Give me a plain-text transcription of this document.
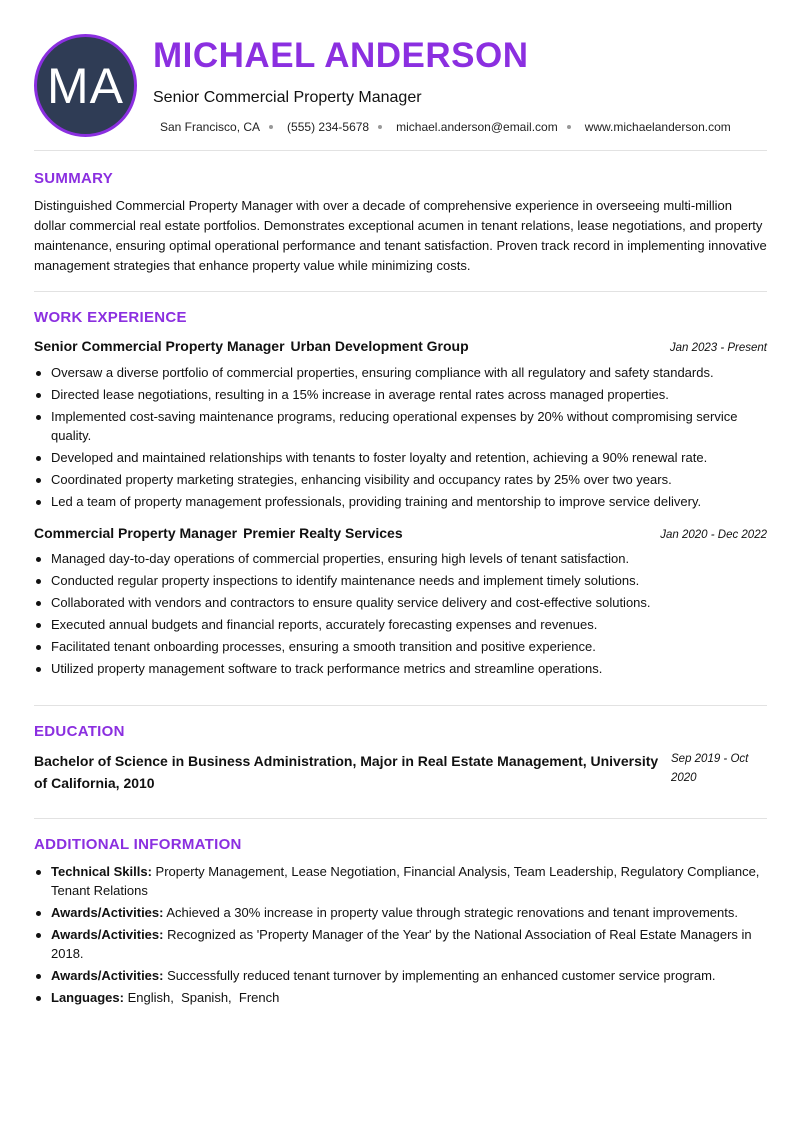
MA
MICHAEL ANDERSON
Senior Commercial Property Manager
San Francisco, CA (555) 234-5678 michael.anderson@email.com www.michaelanderson.com
SUMMARY
Distinguished Commercial Property Manager with over a decade of comprehensive experience in overseeing multi-million dollar commercial real estate portfolios. Demonstrates exceptional acumen in tenant relations, lease negotiations, and property maintenance, ensuring optimal operational performance and tenant satisfaction. Proven track record in implementing innovative management strategies that enhance property value while minimizing costs.
WORK EXPERIENCE
Senior Commercial Property Manager Urban Development Group	Jan 2023 - Present
Oversaw a diverse portfolio of commercial properties, ensuring compliance with all regulatory and safety standards.
Directed lease negotiations, resulting in a 15% increase in average rental rates across managed properties.
Implemented cost-saving maintenance programs, reducing operational expenses by 20% without compromising service quality.
Developed and maintained relationships with tenants to foster loyalty and retention, achieving a 90% renewal rate.
Coordinated property marketing strategies, enhancing visibility and occupancy rates by 25% over two years.
Led a team of property management professionals, providing training and mentorship to improve service delivery.
Commercial Property Manager Premier Realty Services	Jan 2020 - Dec 2022
Managed day-to-day operations of commercial properties, ensuring high levels of tenant satisfaction.
Conducted regular property inspections to identify maintenance needs and implement timely solutions.
Collaborated with vendors and contractors to ensure quality service delivery and cost-effective solutions.
Executed annual budgets and financial reports, accurately forecasting expenses and revenues.
Facilitated tenant onboarding processes, ensuring a smooth transition and positive experience.
Utilized property management software to track performance metrics and streamline operations.
EDUCATION
Bachelor of Science in Business Administration, Major in Real Estate Management, University of California, 2010
Sep 2019 - Oct 2020
ADDITIONAL INFORMATION
Technical Skills: Property Management, Lease Negotiation, Financial Analysis, Team Leadership, Regulatory Compliance, Tenant Relations
Awards/Activities: Achieved a 30% increase in property value through strategic renovations and tenant improvements.
Awards/Activities: Recognized as 'Property Manager of the Year' by the National Association of Real Estate Managers in 2018.
Awards/Activities: Successfully reduced tenant turnover by implementing an enhanced customer service program.
Languages: English,  Spanish,  French
